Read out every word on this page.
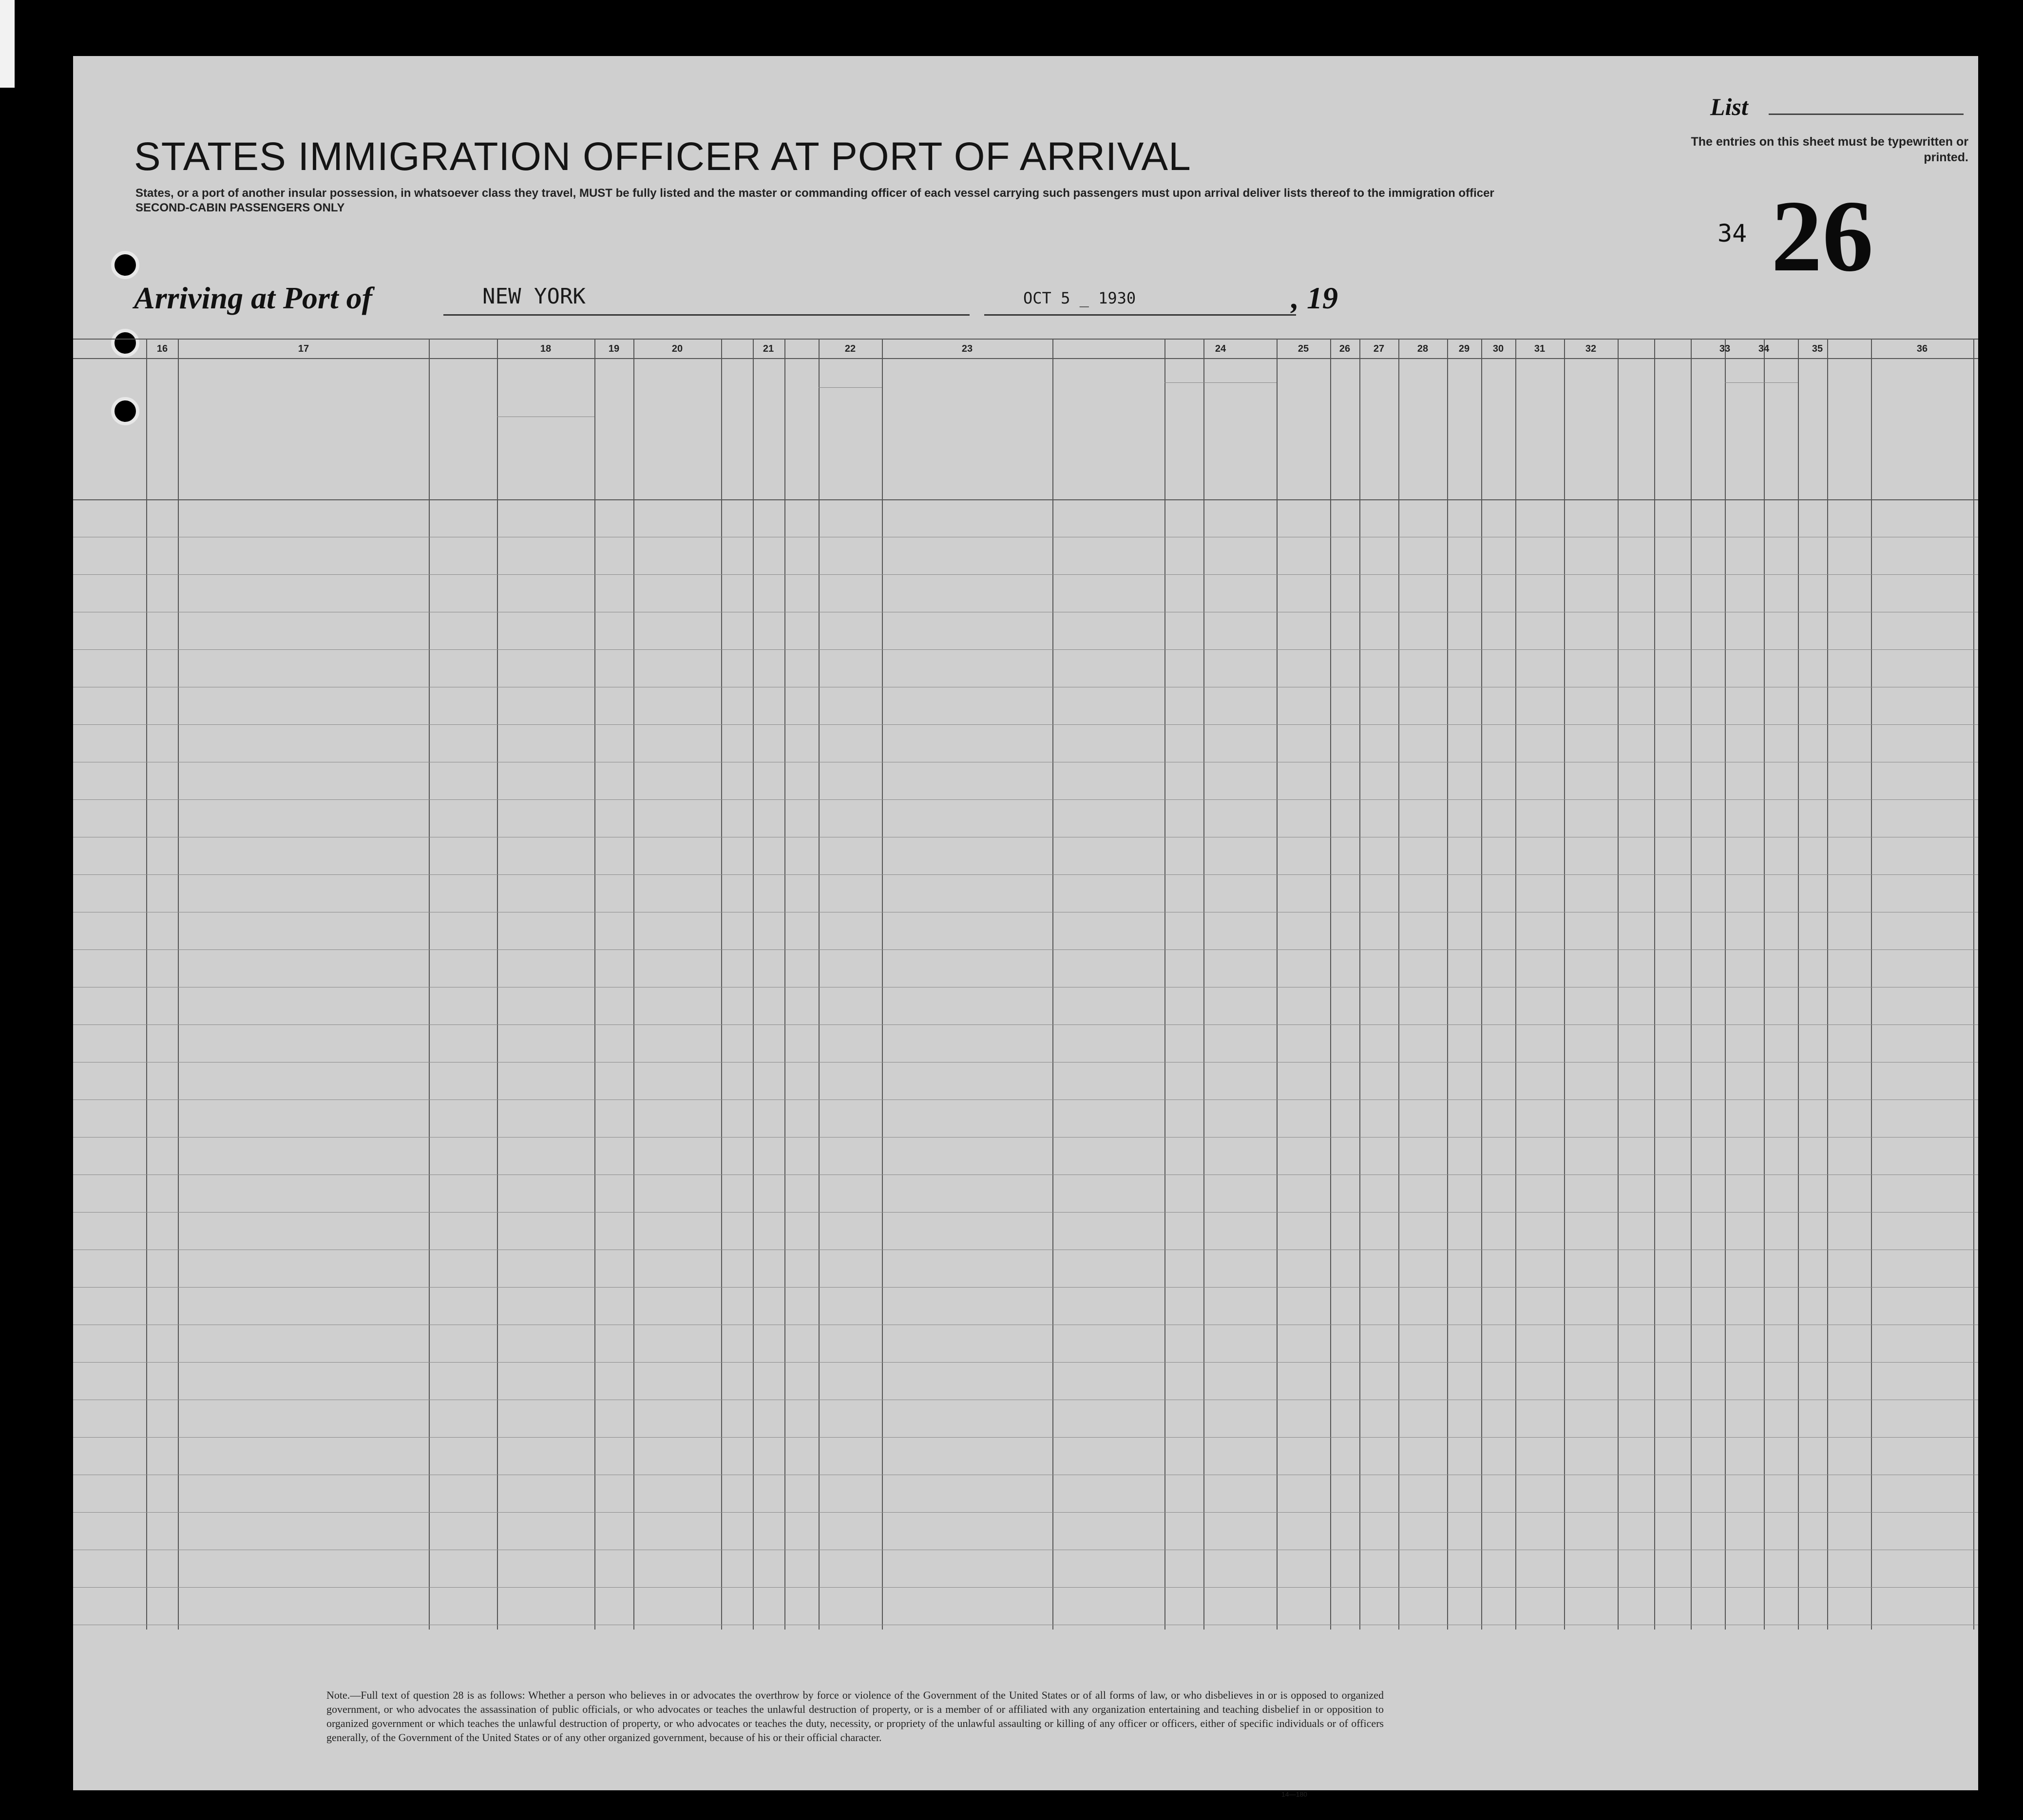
STATES IMMIGRATION OFFICER AT PORT OF ARRIVAL
States, or a port of another insular possession, in whatsoever class they travel, MUST be fully listed and the master or commanding officer of each vessel carrying such passengers must upon arrival deliver lists thereof to the immigration officer
SECOND-CABIN PASSENGERS ONLY
List
The entries on this sheet must be typewritten or printed.
34 26
Arriving at Port of	NEW YORK	OCT 5 _ 1930	, 19
16	17	18	19	20	21	22	23	24	25	26	27	28	29	30	31	32	33	34	35	36
Note.—Full text of question 28 is as follows: Whether a person who believes in or advocates the overthrow by force or violence of the Government of the United States or of all forms of law, or who disbelieves in or is opposed to organized government, or who advocates the assassination of public officials, or who advocates or teaches the unlawful destruction of property, or is a member of or affiliated with any organization entertaining and teaching disbelief in or opposition to organized government or which teaches the unlawful destruction of property, or who advocates or teaches the duty, necessity, or propriety of the unlawful assaulting or killing of any officer or officers, either of specific individuals or of officers generally, of the Government of the United States or of any other organized government, because of his or their official character.
14—180
